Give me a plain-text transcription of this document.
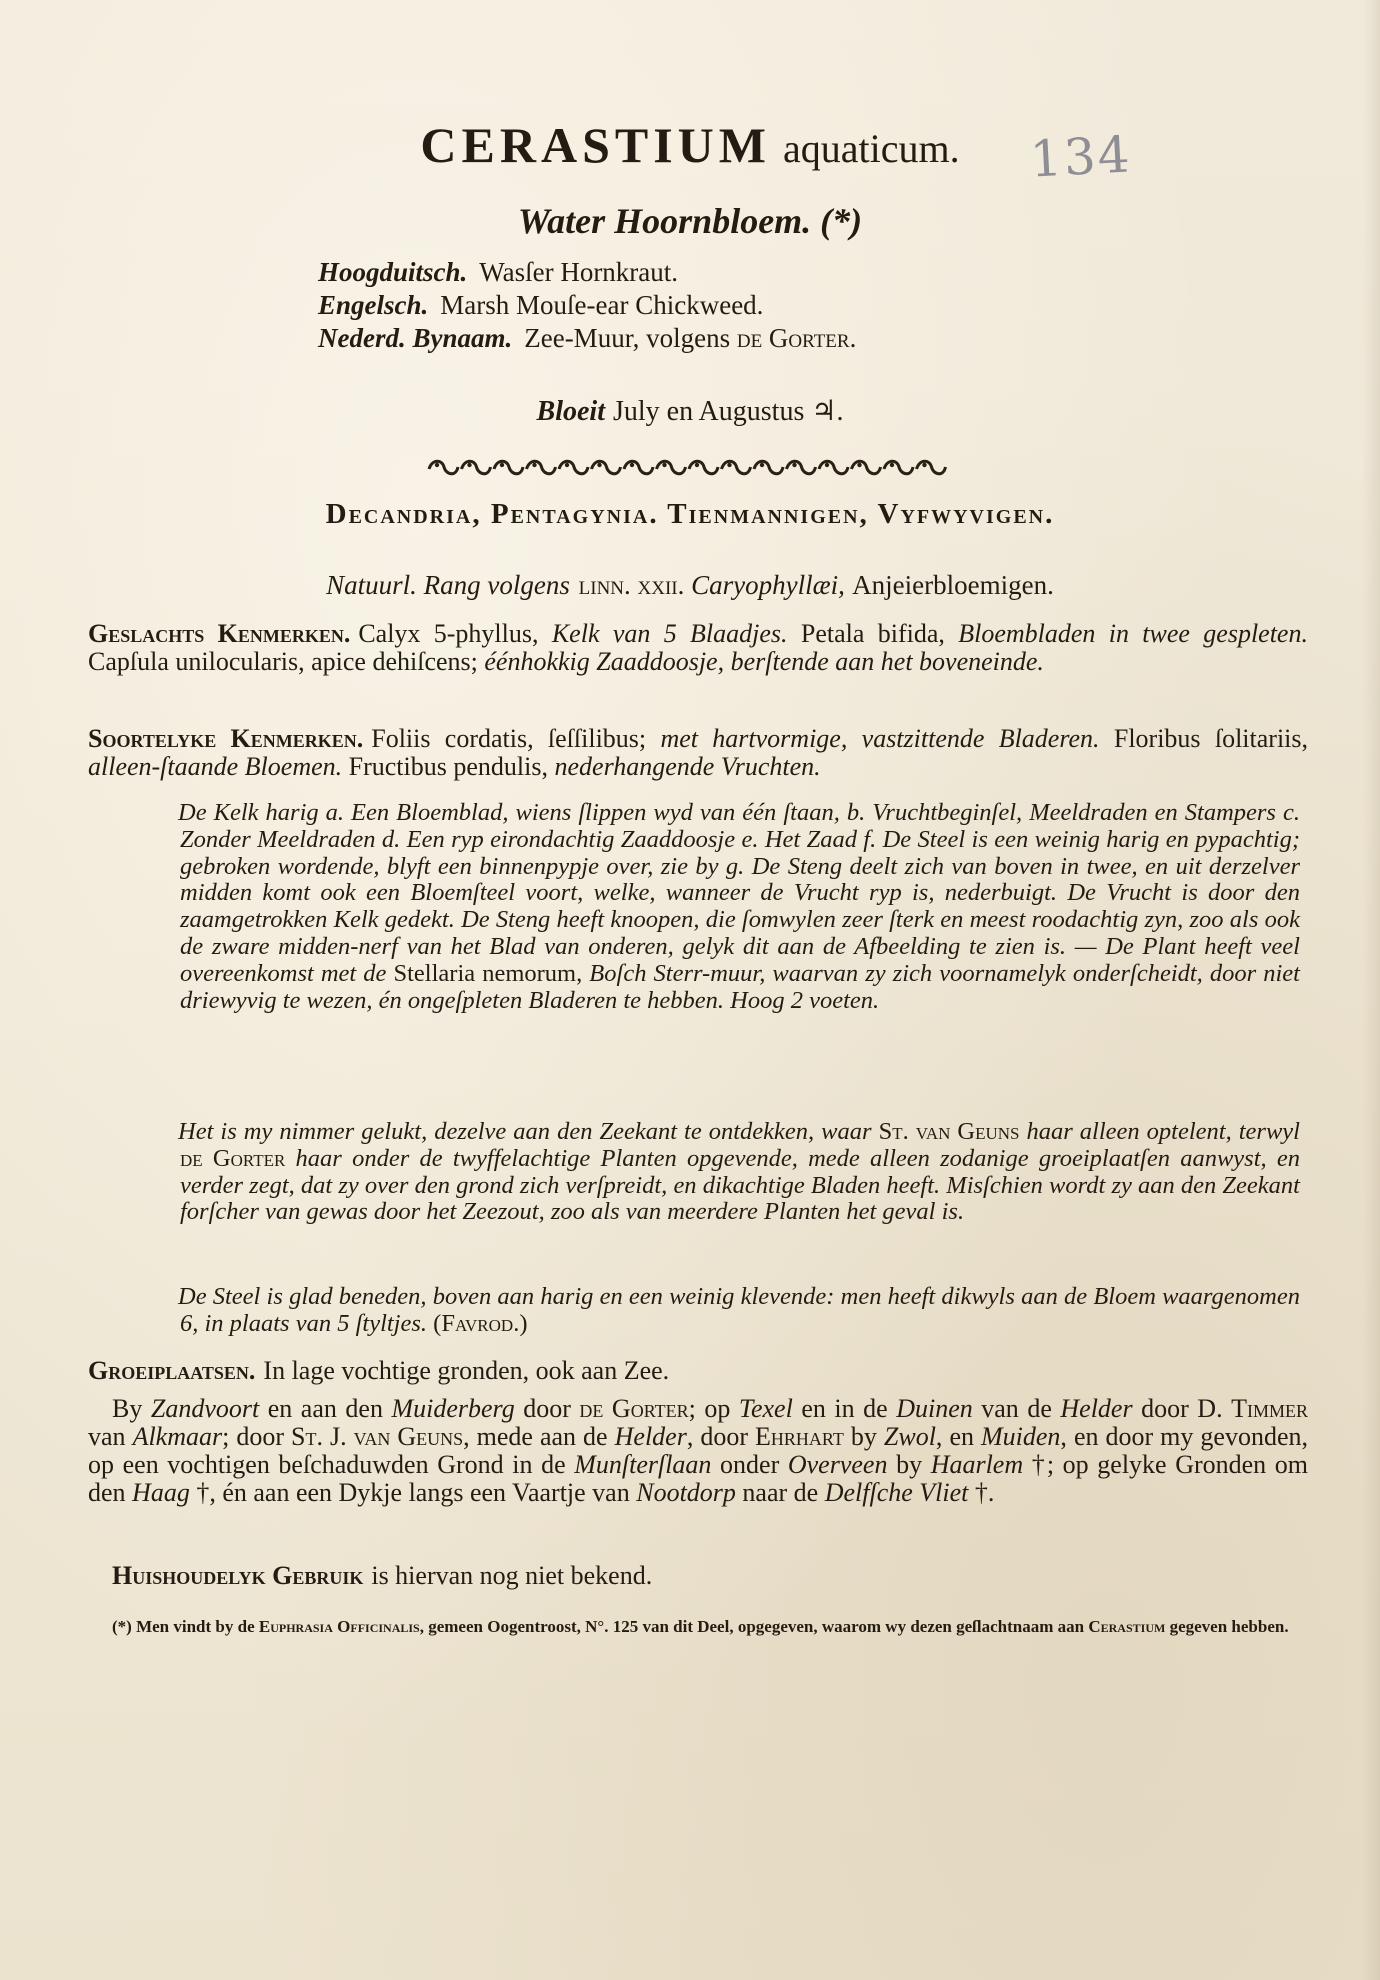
134
CERASTIUM aquaticum.
Water Hoornbloem. (*)
Hoogduitsch. Wasſer Hornkraut.
Engelsch. Marsh Mouſe-ear Chickweed.
Nederd. Bynaam. Zee-Muur, volgens de Gorter.
Bloeit July en Augustus ♃.
Decandria, Pentagynia. Tienmannigen, Vyfwyvigen.
Natuurl. Rang volgens linn. xxii. Caryophyllæi, Anjeierbloemigen.
Geslachts Kenmerken. Calyx 5-phyllus, Kelk van 5 Blaadjes. Petala bifida, Bloembladen in twee gespleten. Capſula unilocularis, apice dehiſcens; éénhokkig Zaaddoosje, berſtende aan het boveneinde.
Soortelyke Kenmerken. Foliis cordatis, ſeſſilibus; met hartvormige, vastzittende Bladeren. Floribus ſolitariis, alleen-ſtaande Bloemen. Fructibus pendulis, nederhangende Vruchten.
De Kelk harig a. Een Bloemblad, wiens ſlippen wyd van één ſtaan, b. Vruchtbeginſel, Meeldraden en Stampers c. Zonder Meeldraden d. Een ryp eirondachtig Zaaddoosje e. Het Zaad f. De Steel is een weinig harig en pypachtig; gebroken wordende, blyft een binnenpypje over, zie by g. De Steng deelt zich van boven in twee, en uit derzelver midden komt ook een Bloemſteel voort, welke, wanneer de Vrucht ryp is, nederbuigt. De Vrucht is door den zaamgetrokken Kelk gedekt. De Steng heeft knoopen, die ſomwylen zeer ſterk en meest roodachtig zyn, zoo als ook de zware midden-nerf van het Blad van onderen, gelyk dit aan de Afbeelding te zien is. — De Plant heeft veel overeenkomst met de Stellaria nemorum, Boſch Sterr-muur, waarvan zy zich voornamelyk onderſcheidt, door niet driewyvig te wezen, én ongeſpleten Bladeren te hebben. Hoog 2 voeten.
Het is my nimmer gelukt, dezelve aan den Zeekant te ontdekken, waar St. van Geuns haar alleen optelent, terwyl de Gorter haar onder de twyffelachtige Planten opgevende, mede alleen zodanige groeiplaatſen aanwyst, en verder zegt, dat zy over den grond zich verſpreidt, en dikachtige Bladen heeft. Misſchien wordt zy aan den Zeekant forſcher van gewas door het Zeezout, zoo als van meerdere Planten het geval is.
De Steel is glad beneden, boven aan harig en een weinig klevende: men heeft dikwyls aan de Bloem waargenomen 6, in plaats van 5 ſtyltjes. (Favrod.)
Groeiplaatsen. In lage vochtige gronden, ook aan Zee.
By Zandvoort en aan den Muiderberg door de Gorter; op Texel en in de Duinen van de Helder door D. Timmer van Alkmaar; door St. J. van Geuns, mede aan de Helder, door Ehrhart by Zwol, en Muiden, en door my gevonden, op een vochtigen beſchaduwden Grond in de Munſterſlaan onder Overveen by Haarlem †; op gelyke Gronden om den Haag †, én aan een Dykje langs een Vaartje van Nootdorp naar de Delfſche Vliet †.
Huishoudelyk Gebruik is hiervan nog niet bekend.
(*) Men vindt by de Euphrasia Officinalis, gemeen Oogentroost, N°. 125 van dit Deel, opgegeven, waarom wy dezen geſlachtnaam aan Cerastium gegeven hebben.
